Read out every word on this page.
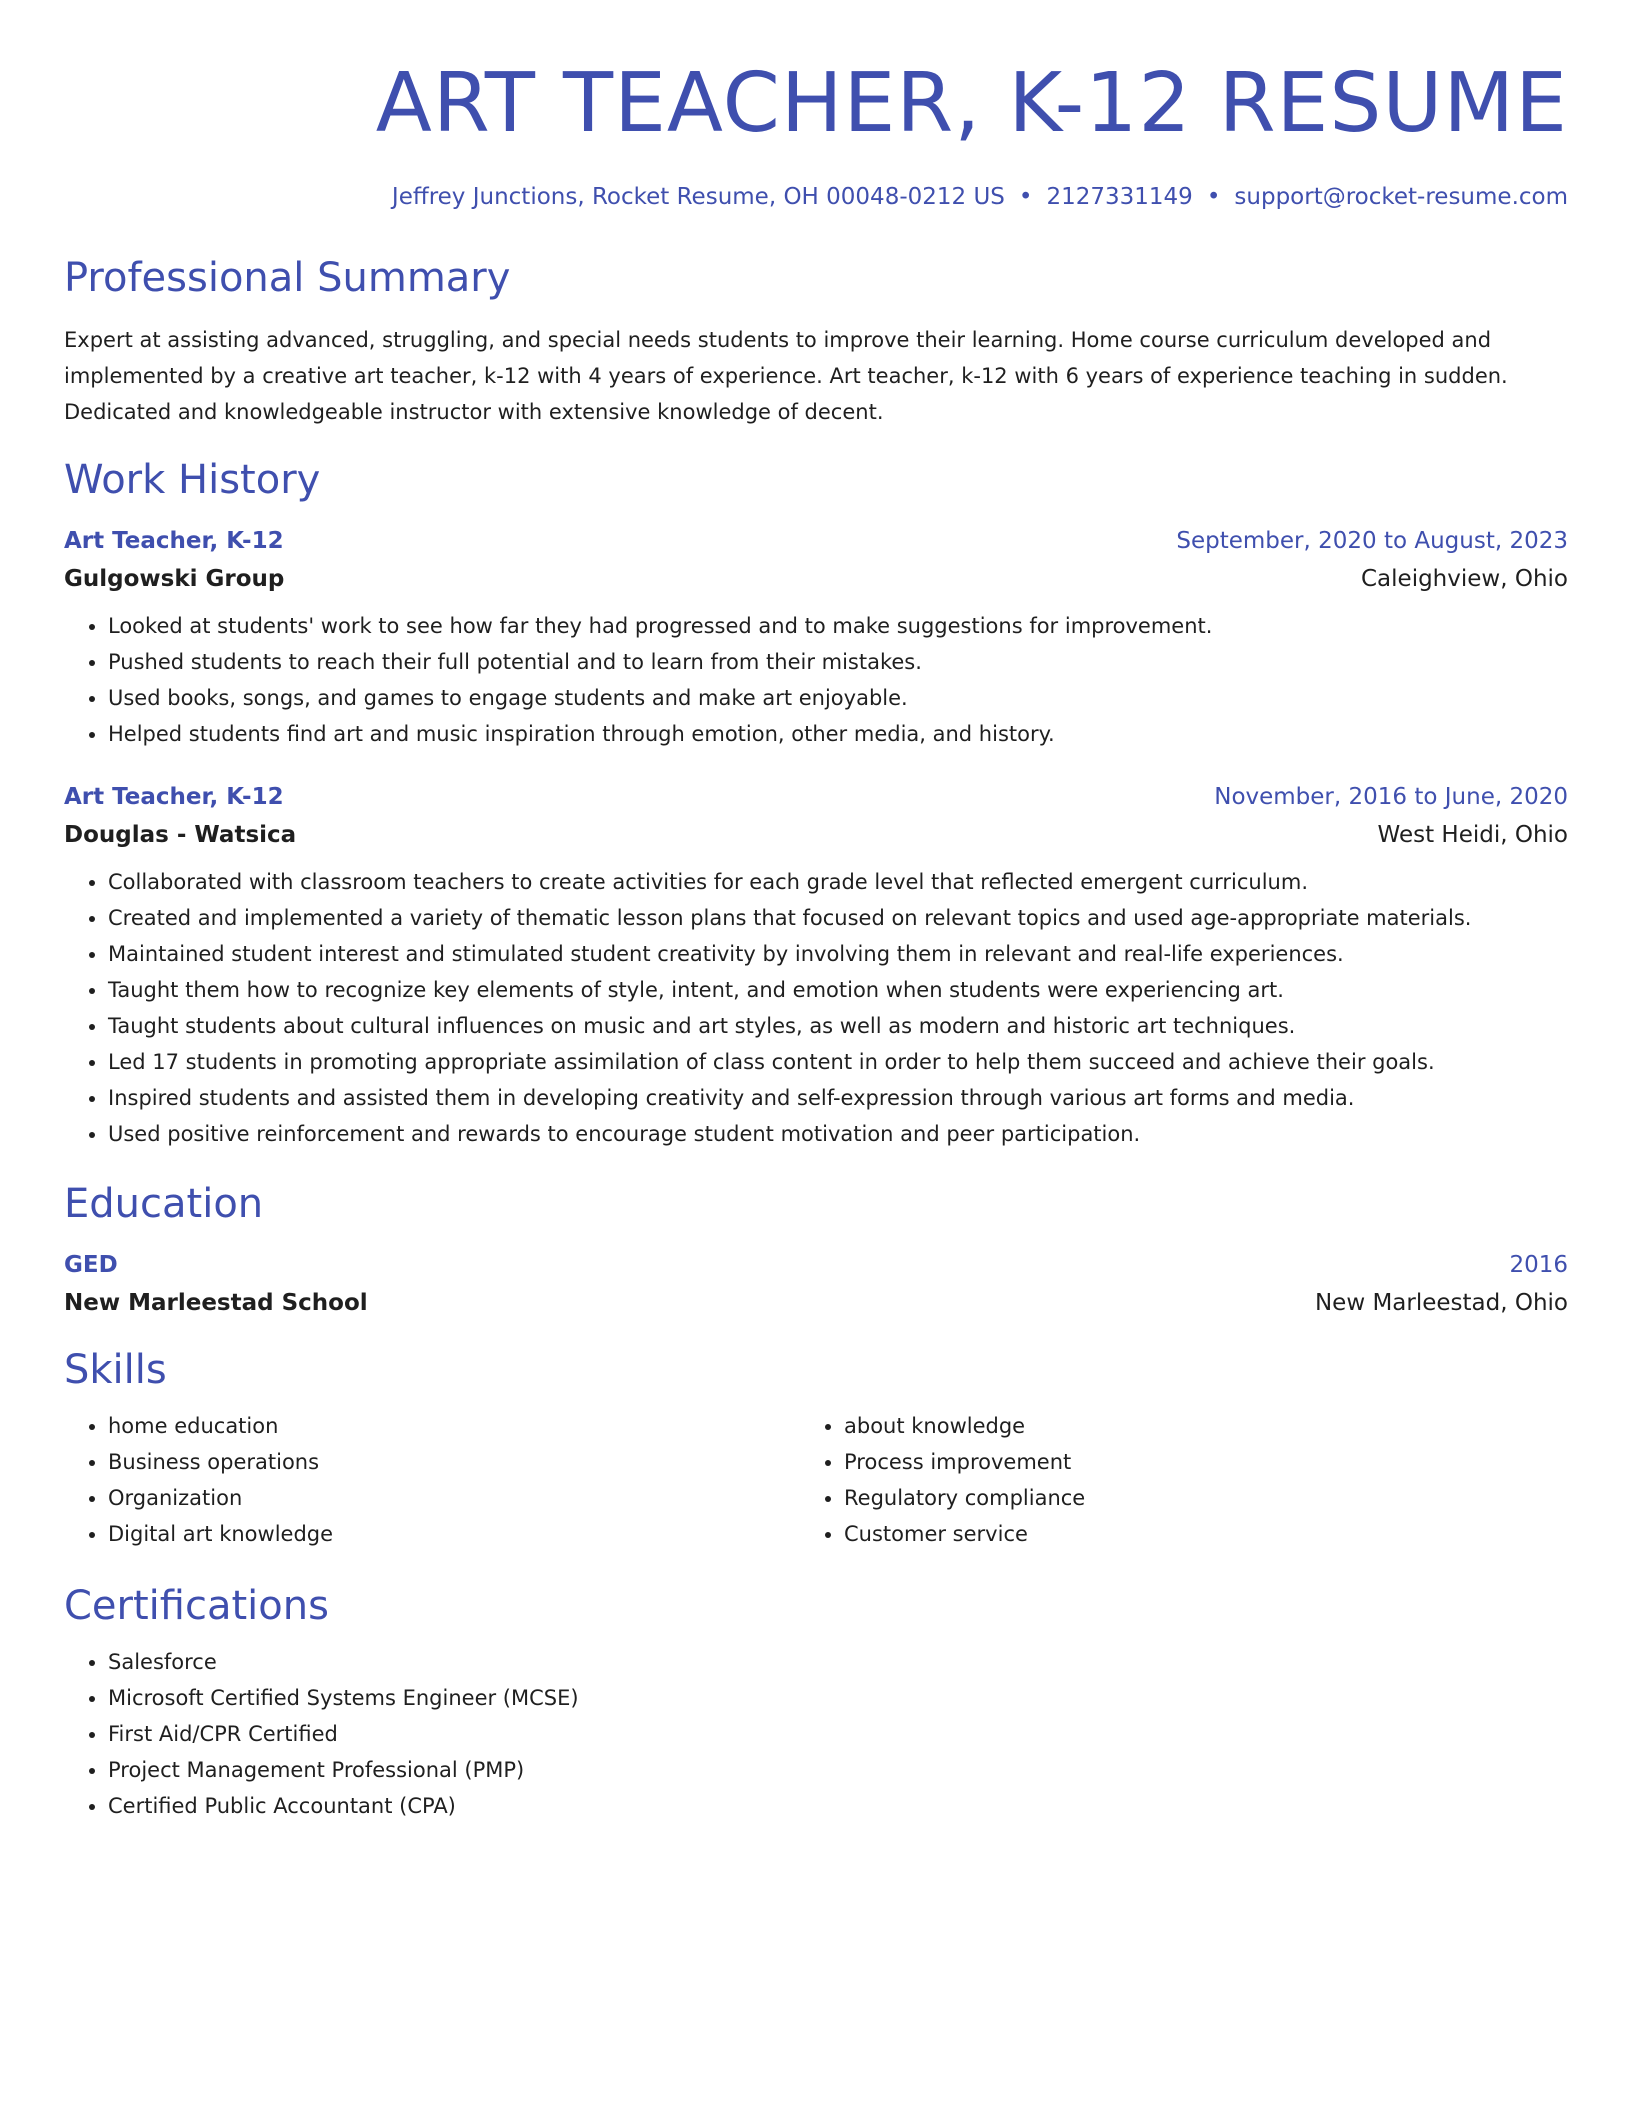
ART TEACHER, K-12 RESUME
Jeffrey Junctions, Rocket Resume, OH 00048-0212 US • 2127331149 • support@rocket-resume.com
Professional Summary
Expert at assisting advanced, struggling, and special needs students to improve their learning. Home course curriculum developed and implemented by a creative art teacher, k-12 with 4 years of experience. Art teacher, k-12 with 6 years of experience teaching in sudden. Dedicated and knowledgeable instructor with extensive knowledge of decent.
Work History
Art Teacher, K-12	September, 2020 to August, 2023
Gulgowski Group	Caleighview, Ohio
• Looked at students' work to see how far they had progressed and to make suggestions for improvement.
• Pushed students to reach their full potential and to learn from their mistakes.
• Used books, songs, and games to engage students and make art enjoyable.
• Helped students find art and music inspiration through emotion, other media, and history.
Art Teacher, K-12	November, 2016 to June, 2020
Douglas - Watsica	West Heidi, Ohio
• Collaborated with classroom teachers to create activities for each grade level that reflected emergent curriculum.
• Created and implemented a variety of thematic lesson plans that focused on relevant topics and used age-appropriate materials.
• Maintained student interest and stimulated student creativity by involving them in relevant and real-life experiences.
• Taught them how to recognize key elements of style, intent, and emotion when students were experiencing art.
• Taught students about cultural influences on music and art styles, as well as modern and historic art techniques.
• Led 17 students in promoting appropriate assimilation of class content in order to help them succeed and achieve their goals.
• Inspired students and assisted them in developing creativity and self-expression through various art forms and media.
• Used positive reinforcement and rewards to encourage student motivation and peer participation.
Education
GED	2016
New Marleestad School	New Marleestad, Ohio
Skills
• home education
• Business operations
• Organization
• Digital art knowledge
• about knowledge
• Process improvement
• Regulatory compliance
• Customer service
Certifications
• Salesforce
• Microsoft Certified Systems Engineer (MCSE)
• First Aid/CPR Certified
• Project Management Professional (PMP)
• Certified Public Accountant (CPA)
